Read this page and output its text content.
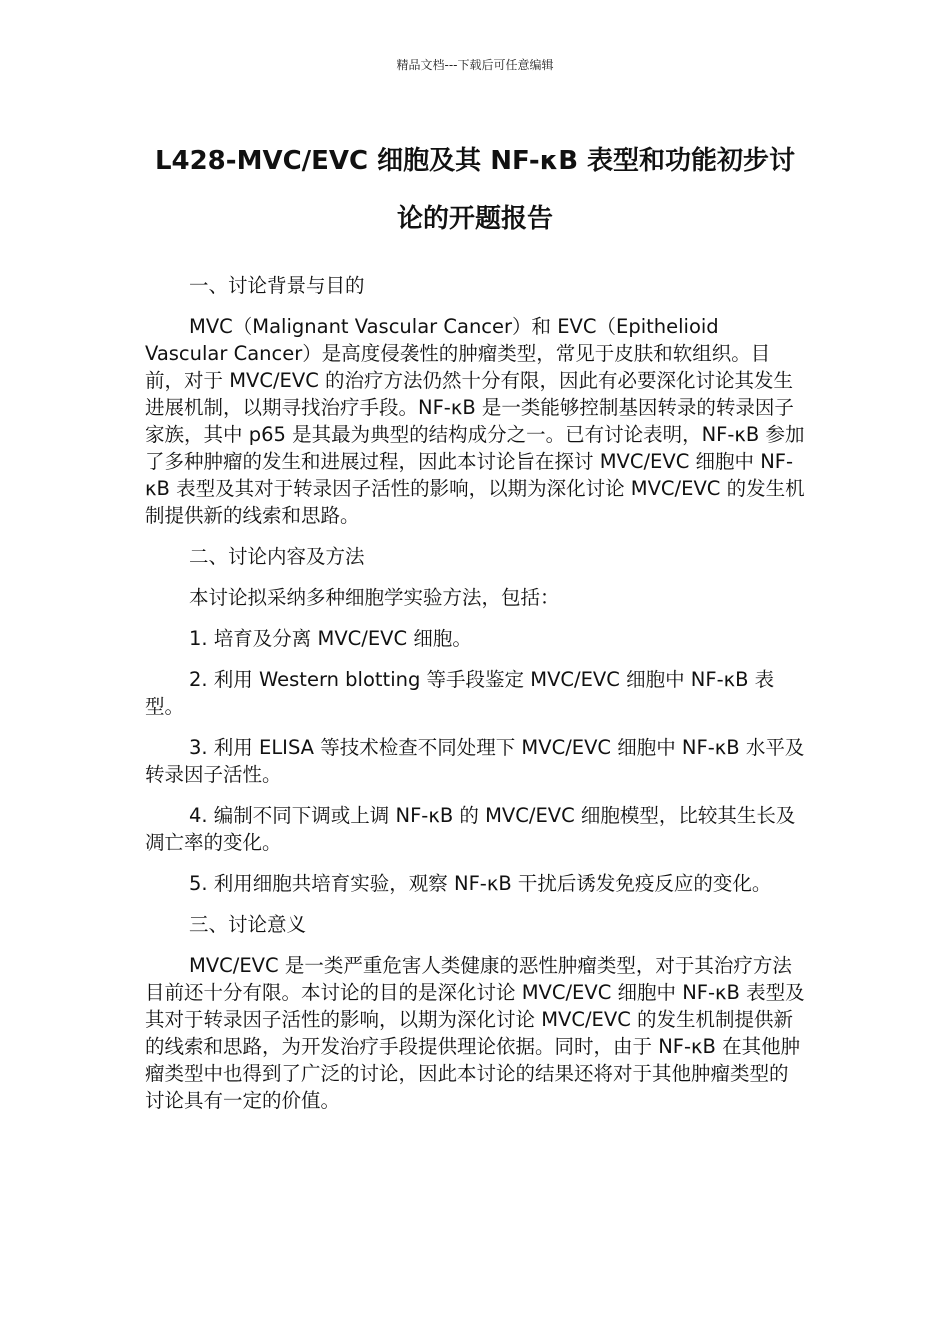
精品文档---下载后可任意编辑
L428-MVC/EVC 细胞及其 NF-κB 表型和功能初步讨
论的开题报告

一、讨论背景与目的

MVC（Malignant Vascular Cancer）和 EVC（Epithelioid Vascular Cancer）是高度侵袭性的肿瘤类型，常见于皮肤和软组织。目前，对于 MVC/EVC 的治疗方法仍然十分有限，因此有必要深化讨论其发生进展机制，以期寻找治疗手段。NF-κB 是一类能够控制基因转录的转录因子家族，其中 p65 是其最为典型的结构成分之一。已有讨论表明，NF-κB 参加了多种肿瘤的发生和进展过程，因此本讨论旨在探讨 MVC/EVC 细胞中 NF-κB 表型及其对于转录因子活性的影响，以期为深化讨论 MVC/EVC 的发生机制提供新的线索和思路。

二、讨论内容及方法

本讨论拟采纳多种细胞学实验方法，包括：

1. 培育及分离 MVC/EVC 细胞。

2. 利用 Western blotting 等手段鉴定 MVC/EVC 细胞中 NF-κB 表型。

3. 利用 ELISA 等技术检查不同处理下 MVC/EVC 细胞中 NF-κB 水平及转录因子活性。

4. 编制不同下调或上调 NF-κB 的 MVC/EVC 细胞模型，比较其生长及凋亡率的变化。

5. 利用细胞共培育实验，观察 NF-κB 干扰后诱发免疫反应的变化。

三、讨论意义

MVC/EVC 是一类严重危害人类健康的恶性肿瘤类型，对于其治疗方法目前还十分有限。本讨论的目的是深化讨论 MVC/EVC 细胞中 NF-κB 表型及其对于转录因子活性的影响，以期为深化讨论 MVC/EVC 的发生机制提供新的线索和思路，为开发治疗手段提供理论依据。同时，由于 NF-κB 在其他肿瘤类型中也得到了广泛的讨论，因此本讨论的结果还将对于其他肿瘤类型的讨论具有一定的价值。
